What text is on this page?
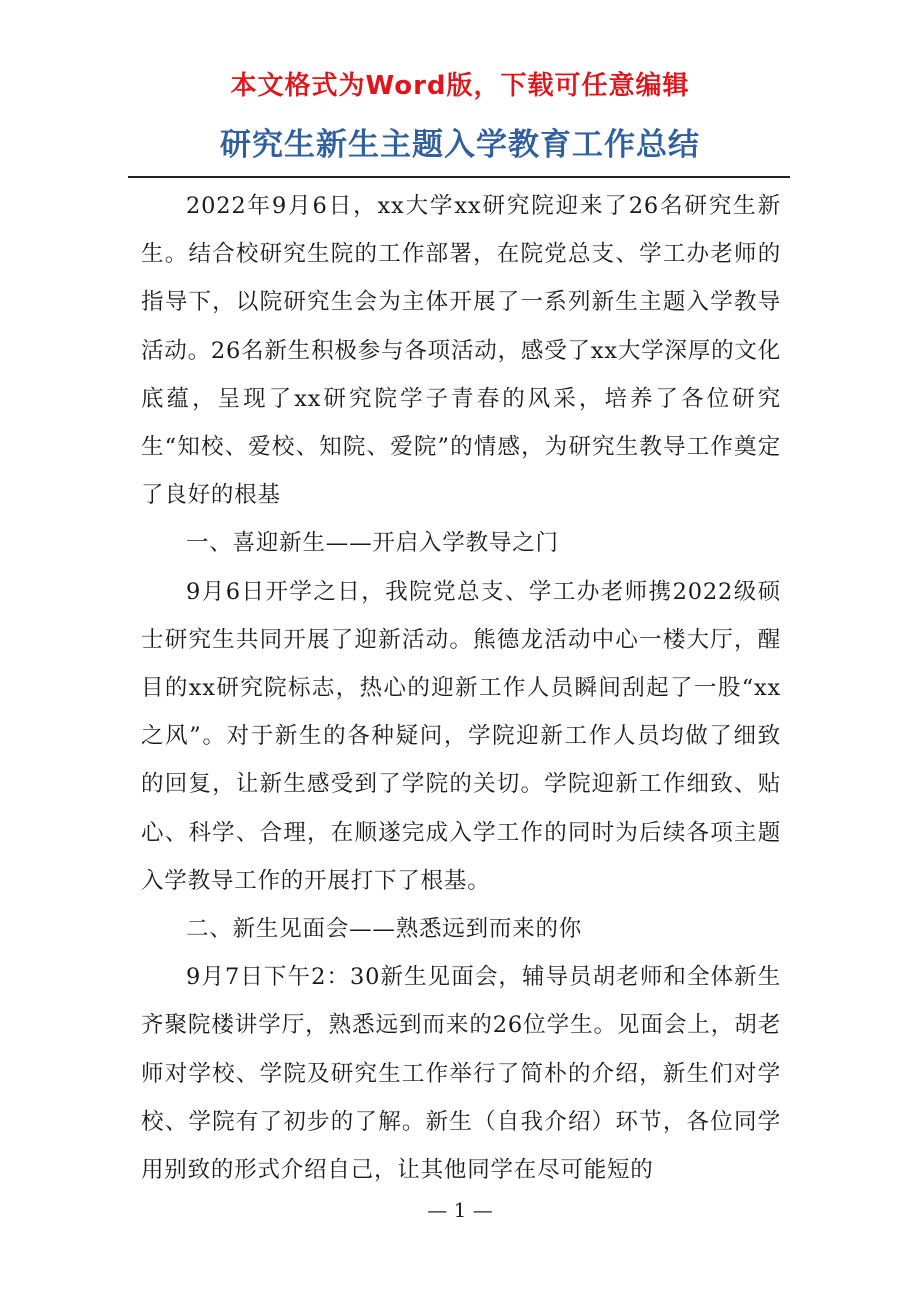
本文格式为Word版，下载可任意编辑
研究生新生主题入学教育工作总结

2022年9月6日，xx大学xx研究院迎来了26名研究生新生。结合校研究生院的工作部署，在院党总支、学工办老师的指导下，以院研究生会为主体开展了一系列新生主题入学教导活动。26名新生积极参与各项活动，感受了xx大学深厚的文化底蕴，呈现了xx研究院学子青春的风采，培养了各位研究生“知校、爱校、知院、爱院”的情感，为研究生教导工作奠定了良好的根基

一、喜迎新生——开启入学教导之门

9月6日开学之日，我院党总支、学工办老师携2022级硕士研究生共同开展了迎新活动。熊德龙活动中心一楼大厅，醒目的xx研究院标志，热心的迎新工作人员瞬间刮起了一股“xx之风”。对于新生的各种疑问，学院迎新工作人员均做了细致的回复，让新生感受到了学院的关切。学院迎新工作细致、贴心、科学、合理，在顺遂完成入学工作的同时为后续各项主题入学教导工作的开展打下了根基。

二、新生见面会——熟悉远到而来的你

9月7日下午2：30新生见面会，辅导员胡老师和全体新生齐聚院楼讲学厅，熟悉远到而来的26位学生。见面会上，胡老师对学校、学院及研究生工作举行了简朴的介绍，新生们对学校、学院有了初步的了解。新生（自我介绍）环节，各位同学用别致的形式介绍自己，让其他同学在尽可能短的

— 1 —
